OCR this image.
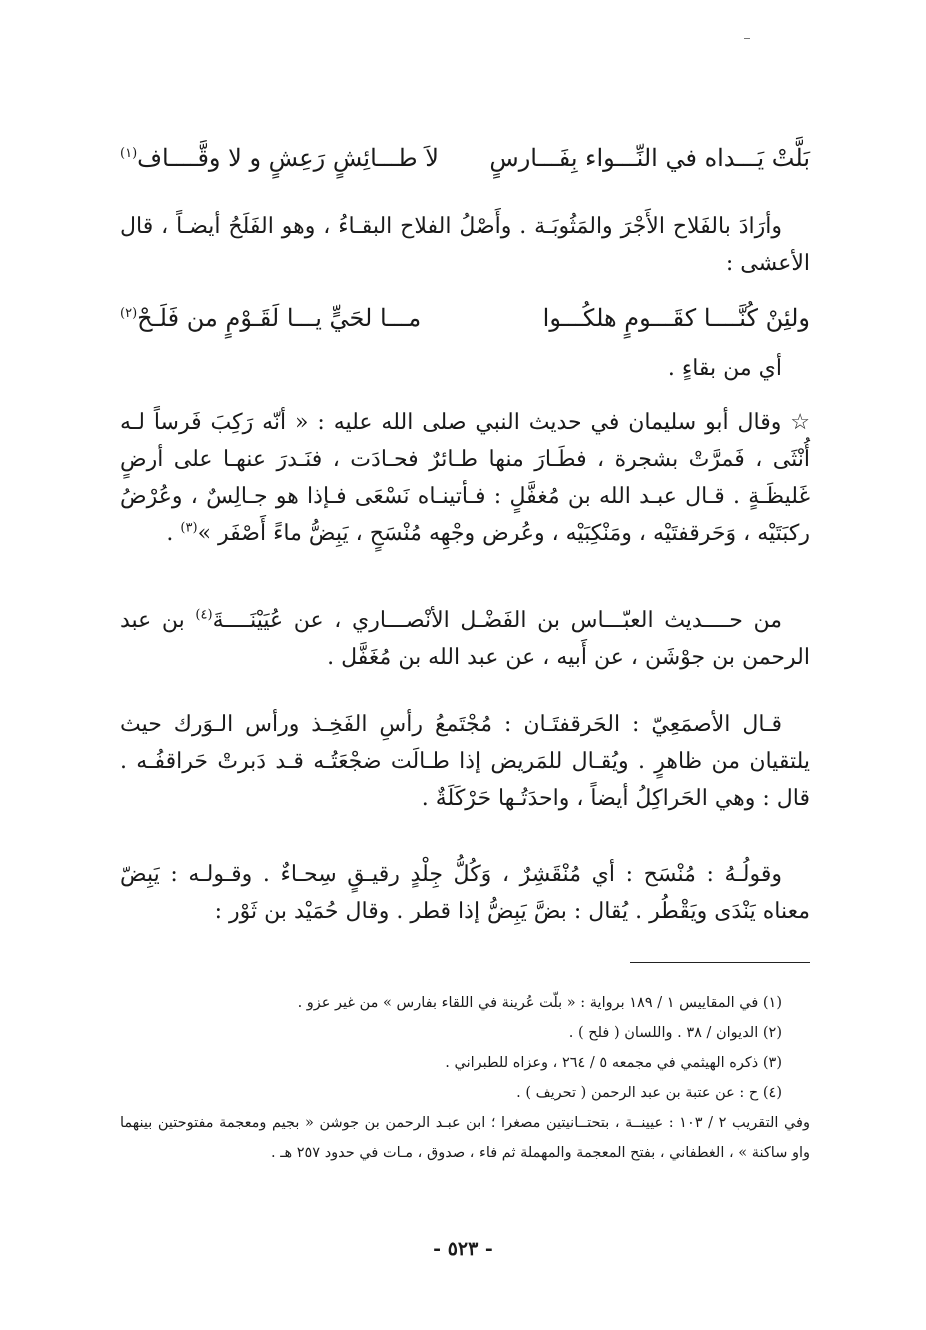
بَلَّتْ يَـــداه في النِّـــواء بِفَـــارسٍ
لاَ طـــائِشٍ رَعِشٍ و لا وقَّــــاف$^{(١)}$

وأرَادَ بالفَلاح الأَجْرَ والمَثُوبَـة . وأَصْلُ الفلاح البقـاءُ ، وهو الفَلَحُ أيضـاً ، قال الأعشى :

ولئِنْ كُنَّــــا كقَـــومٍ هلكُـــوا
مـــا لحَيٍّ يـــا لَقَـوْمٍ من فَلَـحْ$^{(٢)}$

أي من بقاءٍ .

☆ وقال أبو سليمان في حديث النبي صلى الله عليه : « أنّه رَكِبَ فَرساً لـه أُنْثَى ، فَمرَّتْ بشجرة ، فطَـارَ منها طـائرٌ فحـادَت ، فنَـدرَ عنهـا على أرضٍ غَليظَـةٍ . قـال عبـد الله بن مُغفَّلٍ : فـأتينـاه نَسْعَى فـإذا هو جـالِسٌ ، وعُرْضُ ركبَتَيْه ، وَحَرقفتَيْه ، ومَنْكِبَيْه ، وعُرض وجْهِه مُنْسَحٍ ، يَبِضُّ ماءً أَصْفَر »$^{(٣)}$ .

من حــــديث العبّـــاس بن الفَضْـل الأنْصـــاري ، عن عُيَيْنَــــةَ$^{(٤)}$ بن عبد الرحمن بن جوْشَن ، عن أَبيه ، عن عبد الله بن مُغَفَّل .

قـال الأصمَعِيّ : الحَرقفتَـان : مُجْتَمعُ رأسِ الفَخِـذ ورأس الـوَرك حيث يلتقيان من ظاهرٍ . ويُقـال للمَريض إذا طـالَت ضجْعَتُـه قـد دَبرتْ حَراقفُـه . قال : وهي الحَراكِلُ أيضاً ، واحدَتُـها حَرْكَلَةٌ .

وقولُـهُ : مُنْسَح : أي مُنْقَشِرٌ ، وَكُلُّ جِلْدٍ رقيـقٍ سِحـاءٌ . وقـولـه : يَبِضّ معناه يَنْدَى ويَقْطُر . يُقال : بضَّ يَبِضُّ إذا قطر . وقال حُمَيْد بن ثَوْر :

(١) في المقاييس ١ / ١٨٩ برواية : « بلّت عُرينة في اللقاء بفارس » من غير عزو .
(٢) الديوان / ٣٨ . واللسان ( فلح ) .
(٣) ذكره الهيثمي في مجمعه ٥ / ٢٦٤ ، وعزاه للطبراني .
(٤) ح : عن عتبة بن عبد الرحمن ( تحريف ) .
وفي التقريب ٢ / ١٠٣ : عيينــة ، بتحتــانيتين مصغرا ؛ ابن عبـد الرحمن بن جوشن « بجيم ومعجمة مفتوحتين بينهما واو ساكنة » ، الغطفاني ، بفتح المعجمة والمهملة ثم فاء ، صدوق ، مـات في حدود ٢٥٧ هـ .
- ٥٢٣ -
